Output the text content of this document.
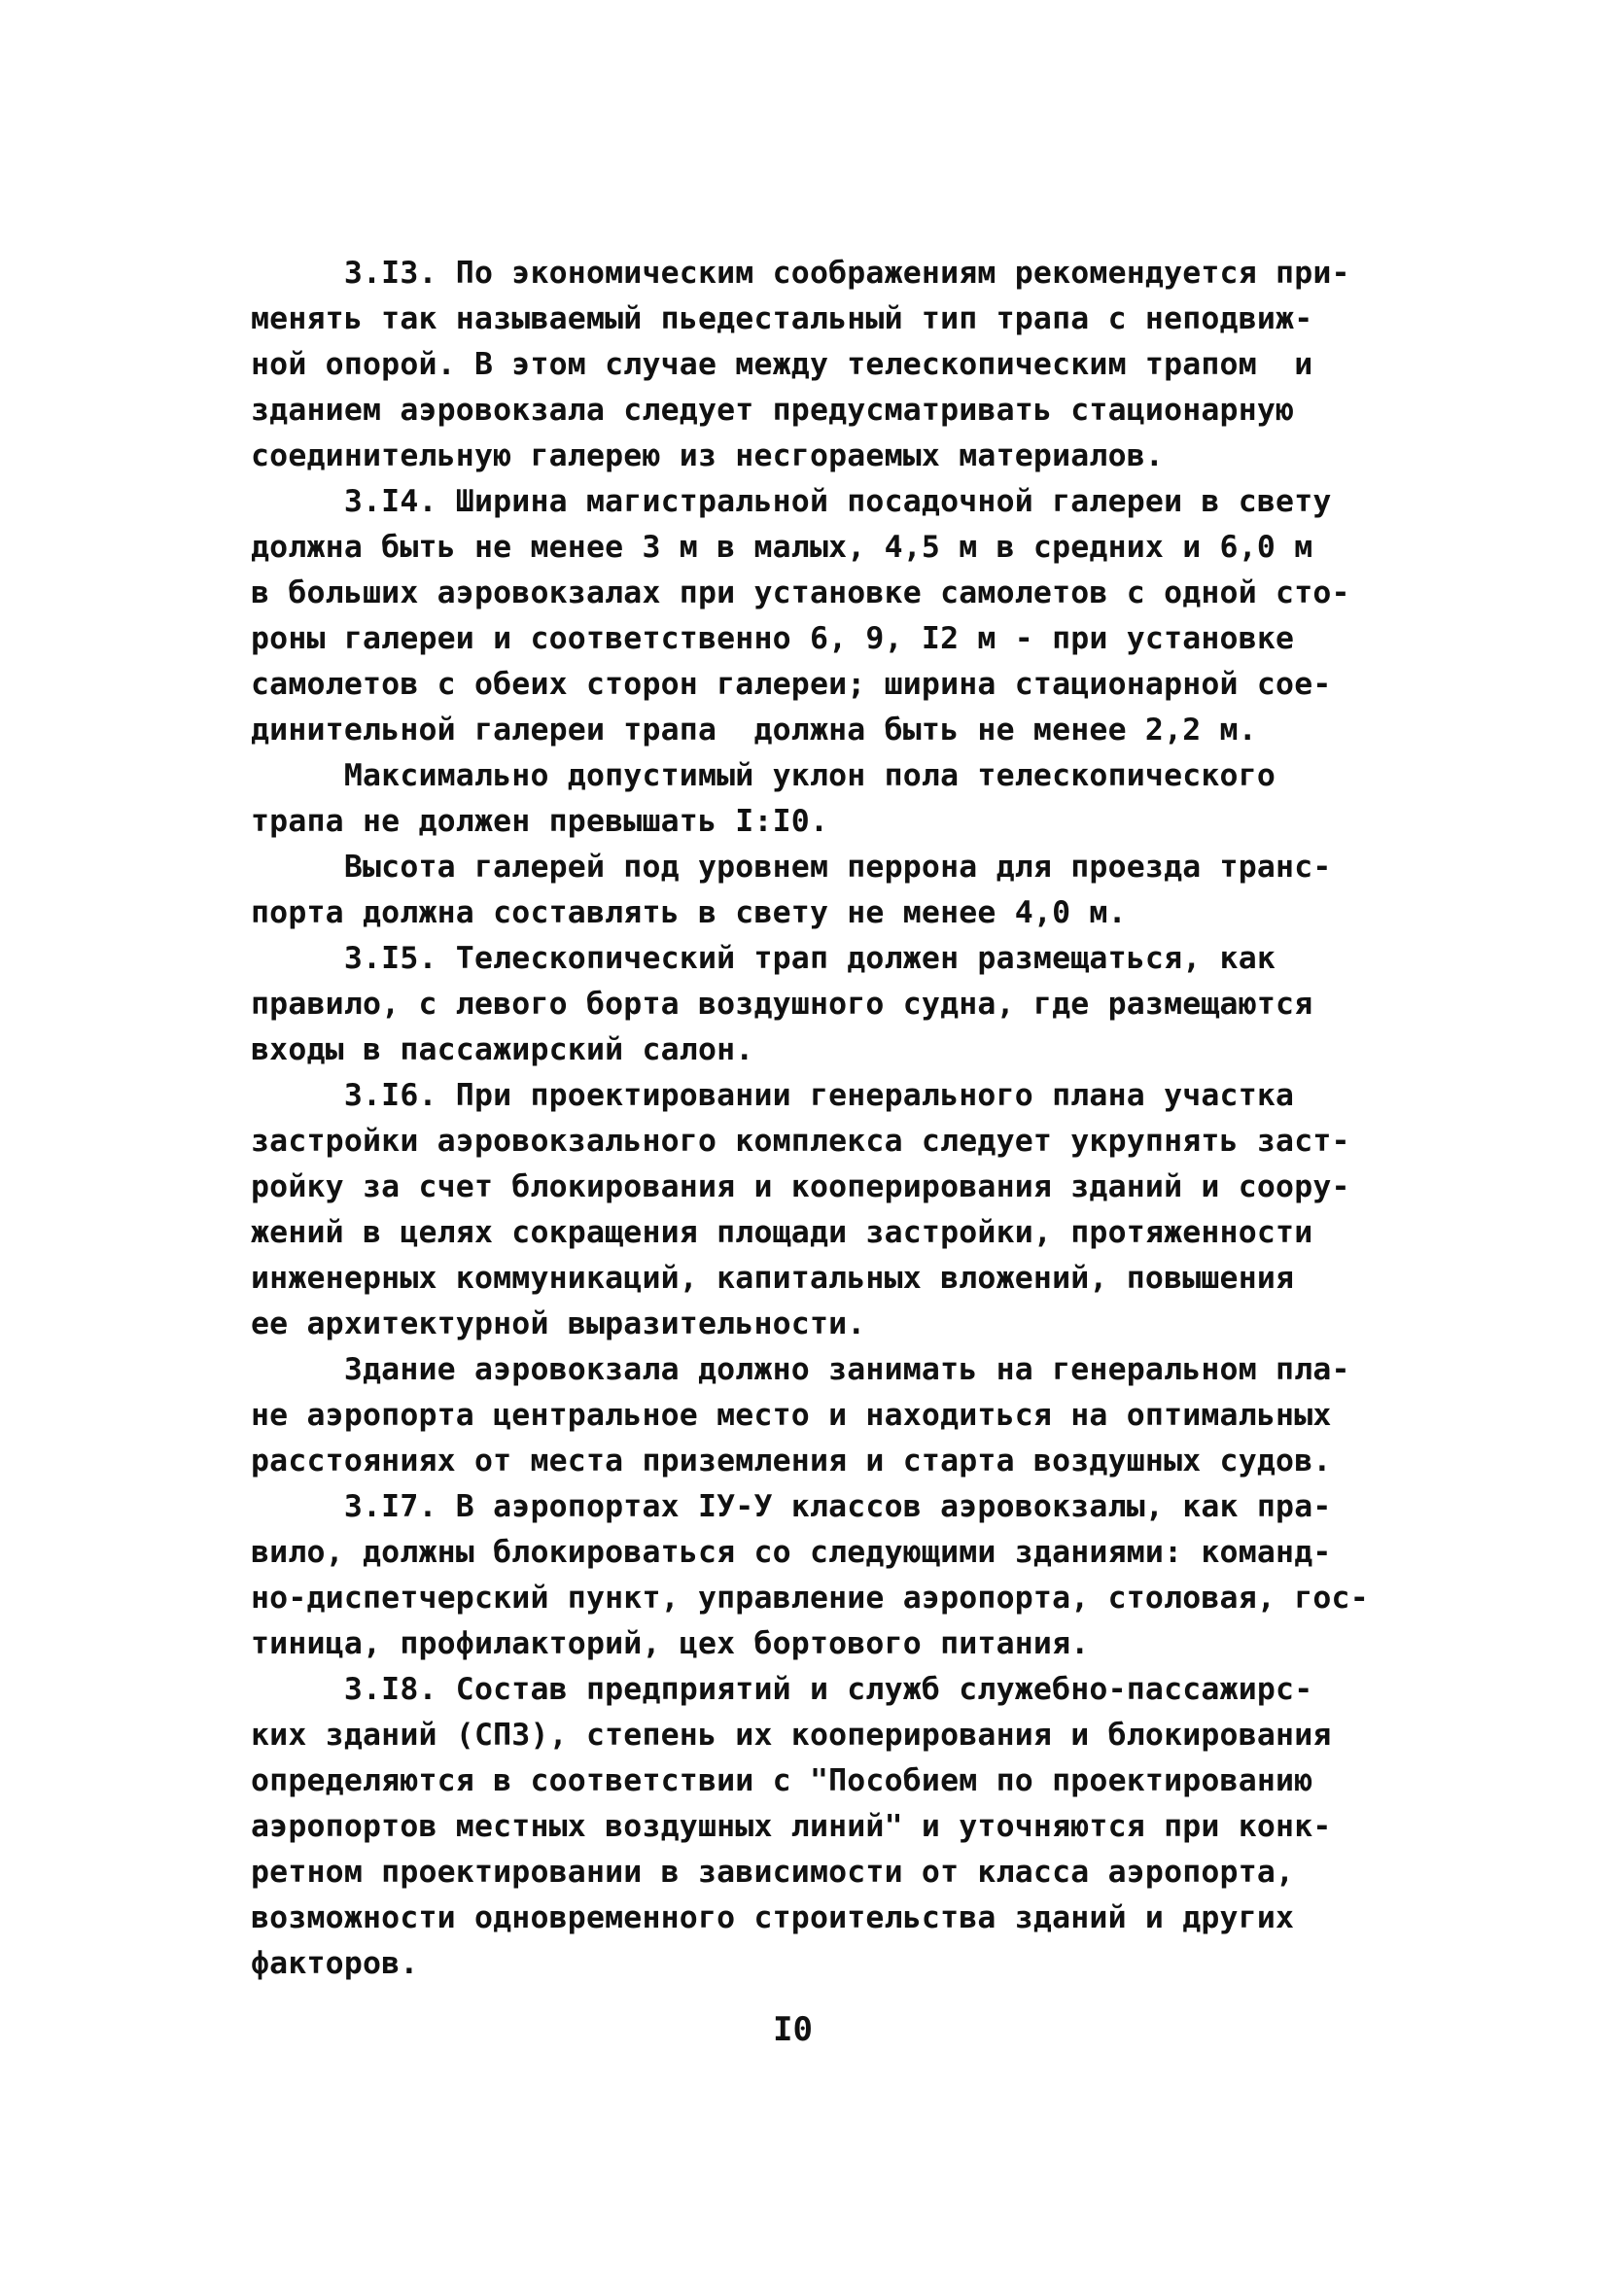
3.I3. По экономическим соображениям рекомендуется при-
менять так называемый пьедестальный тип трапа с неподвиж-
ной опорой. В этом случае между телескопическим трапом  и
зданием аэровокзала следует предусматривать стационарную
соединительную галерею из несгораемых материалов.
3.I4. Ширина магистральной посадочной галереи в свету
должна быть не менее 3 м в малых, 4,5 м в средних и 6,0 м
в больших аэровокзалах при установке самолетов с одной сто-
роны галереи и соответственно 6, 9, I2 м - при установке
самолетов с обеих сторон галереи; ширина стационарной сое-
динительной галереи трапа  должна быть не менее 2,2 м.
Максимально допустимый уклон пола телескопического
трапа не должен превышать I:I0.
Высота галерей под уровнем перрона для проезда транс-
порта должна составлять в свету не менее 4,0 м.
3.I5. Телескопический трап должен размещаться, как
правило, с левого борта воздушного судна, где размещаются
входы в пассажирский салон.
3.I6. При проектировании генерального плана участка
застройки аэровокзального комплекса следует укрупнять заст-
ройку за счет блокирования и кооперирования зданий и соору-
жений в целях сокращения площади застройки, протяженности
инженерных коммуникаций, капитальных вложений, повышения
ее архитектурной выразительности.
Здание аэровокзала должно занимать на генеральном пла-
не аэропорта центральное место и находиться на оптимальных
расстояниях от места приземления и старта воздушных судов.
3.I7. В аэропортах IУ-У классов аэровокзалы, как пра-
вило, должны блокироваться со следующими зданиями: команд-
но-диспетчерский пункт, управление аэропорта, столовая, гос-
тиница, профилакторий, цех бортового питания.
3.I8. Состав предприятий и служб служебно-пассажирс-
ких зданий (СПЗ), степень их кооперирования и блокирования
определяются в соответствии с "Пособием по проектированию
аэропортов местных воздушных линий" и уточняются при конк-
ретном проектировании в зависимости от класса аэропорта,
возможности одновременного строительства зданий и других
факторов.
I0
